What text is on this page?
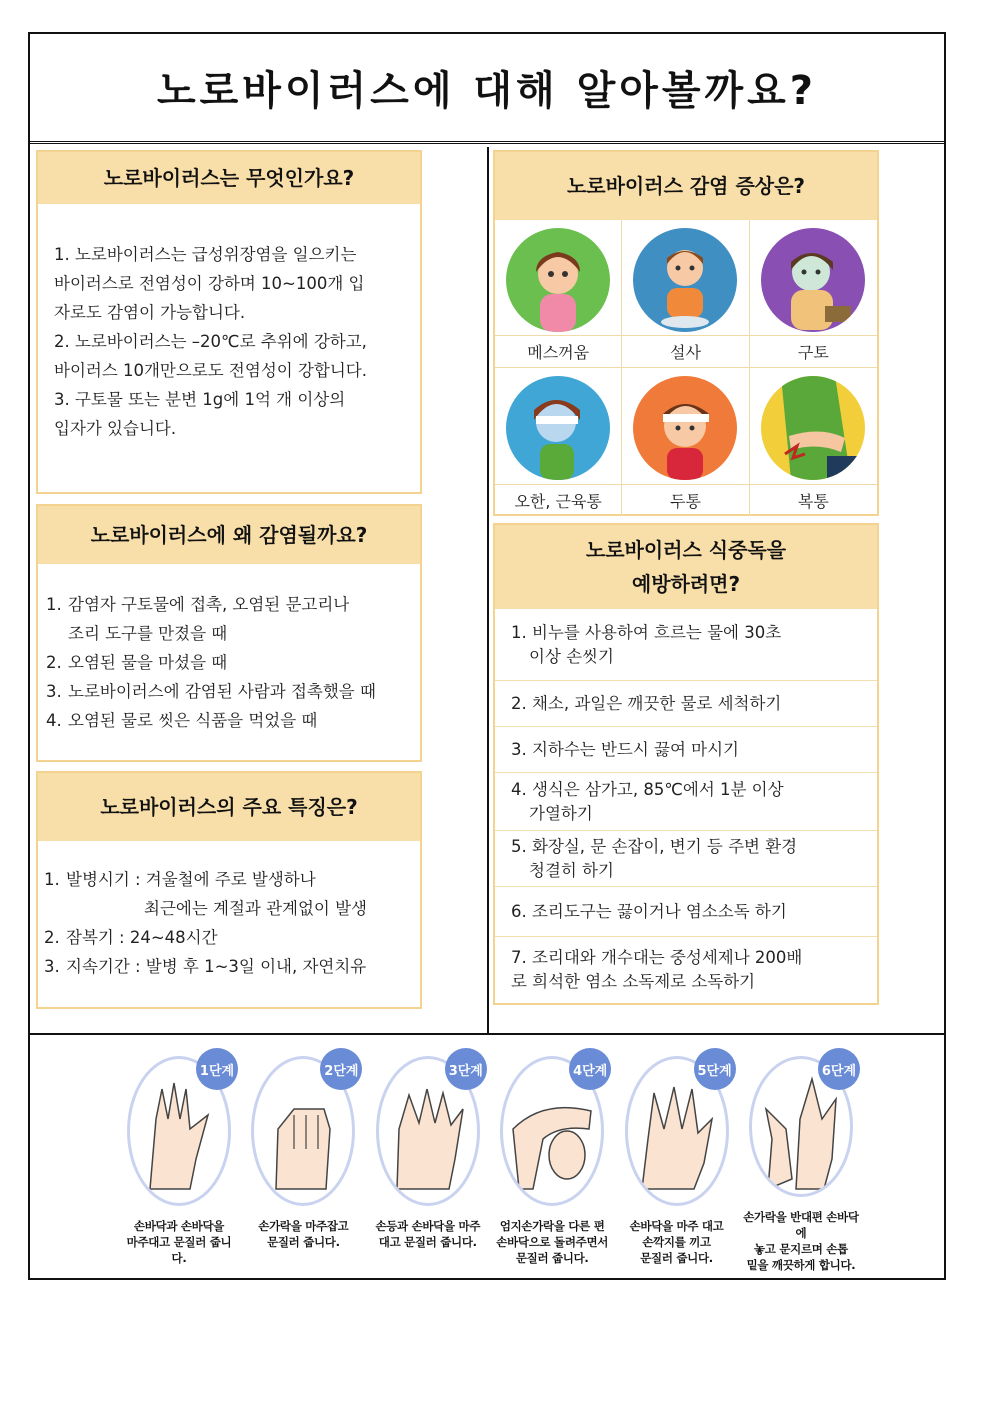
노로바이러스에 대해 알아볼까요?
노로바이러스는 무엇인가요?
1. 노로바이러스는 급성위장염을 일으키는
바이러스로 전염성이 강하며 10~100개 입
자로도 감염이 가능합니다.
2. 노로바이러스는 –20℃로 추위에 강하고,
바이러스 10개만으로도 전염성이 강합니다.
3. 구토물 또는 분변 1g에 1억 개 이상의
입자가 있습니다.
노로바이러스에 왜 감염될까요?
1. 감염자 구토물에 접촉, 오염된 문고리나
조리 도구를 만졌을 때
2. 오염된 물을 마셨을 때
3. 노로바이러스에 감염된 사람과 접촉했을 때
4. 오염된 물로 씻은 식품을 먹었을 때
노로바이러스의 주요 특징은?
1. 발병시기 : 겨울철에 주로 발생하나
최근에는 계절과 관계없이 발생
2. 잠복기 : 24~48시간
3. 지속기간 : 발병 후 1~3일 이내, 자연치유
노로바이러스 감염 증상은?
메스꺼움	설사	구토
오한, 근육통	두통	복통
노로바이러스 식중독을
예방하려면?
1. 비누를 사용하여 흐르는 물에 30초
이상 손씻기
2. 채소, 과일은 깨끗한 물로 세척하기
3. 지하수는 반드시 끓여 마시기
4. 생식은 삼가고, 85℃에서 1분 이상
가열하기
5. 화장실, 문 손잡이, 변기 등 주변 환경
청결히 하기
6. 조리도구는 끓이거나 염소소독 하기
7. 조리대와 개수대는 중성세제나 200배
로 희석한 염소 소독제로 소독하기
1단계
손바닥과 손바닥을
마주대고 문질러 줍니다.
2단계
손가락을 마주잡고
문질러 줍니다.
3단계
손등과 손바닥을 마주
대고 문질러 줍니다.
4단계
엄지손가락을 다른 편
손바닥으로 돌려주면서
문질러 줍니다.
5단계
손바닥을 마주 대고
손깍지를 끼고
문질러 줍니다.
6단계
손가락을 반대편 손바닥에
놓고 문지르며 손톱
밑을 깨끗하게 합니다.
